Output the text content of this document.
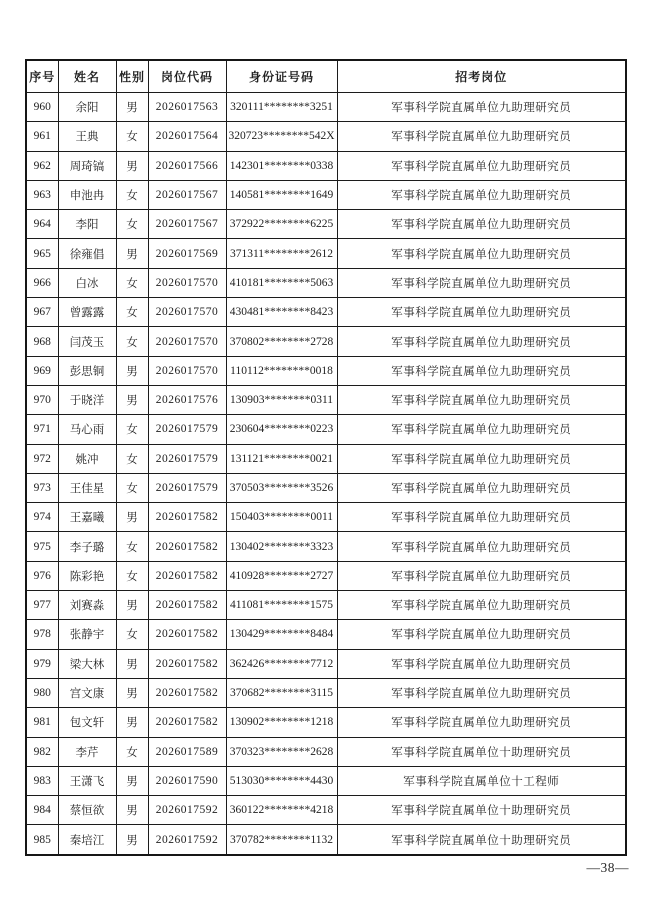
序号	姓名	性别	岗位代码	身份证号码	招考岗位
960	余阳	男	2026017563	320111********3251	军事科学院直属单位九助理研究员
961	王典	女	2026017564	320723********542X	军事科学院直属单位九助理研究员
962	周琦镐	男	2026017566	142301********0338	军事科学院直属单位九助理研究员
963	申池冉	女	2026017567	140581********1649	军事科学院直属单位九助理研究员
964	李阳	女	2026017567	372922********6225	军事科学院直属单位九助理研究员
965	徐雍倡	男	2026017569	371311********2612	军事科学院直属单位九助理研究员
966	白冰	女	2026017570	410181********5063	军事科学院直属单位九助理研究员
967	曾露露	女	2026017570	430481********8423	军事科学院直属单位九助理研究员
968	闫茂玉	女	2026017570	370802********2728	军事科学院直属单位九助理研究员
969	彭思铜	男	2026017570	110112********0018	军事科学院直属单位九助理研究员
970	于晓洋	男	2026017576	130903********0311	军事科学院直属单位九助理研究员
971	马心雨	女	2026017579	230604********0223	军事科学院直属单位九助理研究员
972	姚冲	女	2026017579	131121********0021	军事科学院直属单位九助理研究员
973	王佳星	女	2026017579	370503********3526	军事科学院直属单位九助理研究员
974	王嘉曦	男	2026017582	150403********0011	军事科学院直属单位九助理研究员
975	李子璐	女	2026017582	130402********3323	军事科学院直属单位九助理研究员
976	陈彩艳	女	2026017582	410928********2727	军事科学院直属单位九助理研究员
977	刘赛淼	男	2026017582	411081********1575	军事科学院直属单位九助理研究员
978	张静宇	女	2026017582	130429********8484	军事科学院直属单位九助理研究员
979	梁大林	男	2026017582	362426********7712	军事科学院直属单位九助理研究员
980	宫文康	男	2026017582	370682********3115	军事科学院直属单位九助理研究员
981	包文轩	男	2026017582	130902********1218	军事科学院直属单位九助理研究员
982	李芹	女	2026017589	370323********2628	军事科学院直属单位十助理研究员
983	王潇飞	男	2026017590	513030********4430	军事科学院直属单位十工程师
984	蔡恒欲	男	2026017592	360122********4218	军事科学院直属单位十助理研究员
985	秦培江	男	2026017592	370782********1132	军事科学院直属单位十助理研究员
—38—
